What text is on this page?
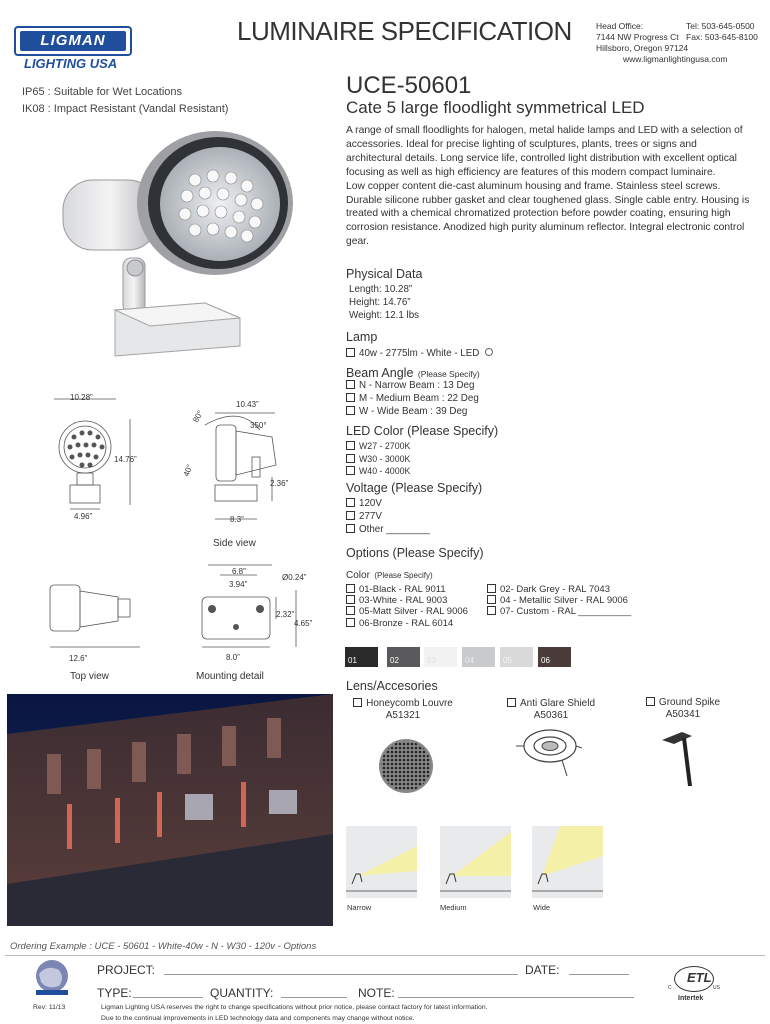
LIGMAN
LIGHTING USA
LUMINAIRE SPECIFICATION	Head Office:
7144 NW Progress Ct
Hillsboro, Oregon 97124
Tel: 503-645-0500
Fax: 503-645-8100
www.ligmanlightingusa.com
IP65 : Suitable for Wet Locations
IK08 : Impact Resistant (Vandal Resistant)
UCE-50601
Cate 5 large floodlight symmetrical LED
A range of small floodlights for halogen, metal halide lamps and LED with a selection of accessories. Ideal for precise lighting of sculptures, plants, trees or signs and architectural details. Long service life, controlled light distribution with excellent optical focusing as well as high efficiency are features of this modern compact luminaire.
Low copper content die-cast aluminum housing and frame. Stainless steel screws. Durable silicone rubber gasket and clear toughened glass. Single cable entry. Housing is treated with a chemical chromatized protection before powder coating, ensuring high corrosion resistance. Anodized high purity aluminum reflector. Integral electronic control gear.
Physical Data
Length: 10.28”
Height: 14.76”
Weight: 12.1 lbs
Lamp
40w - 2775lm - White - LED
Beam Angle (Please Specify)
N - Narrow Beam : 13 Deg
M - Medium Beam : 22 Deg
W - Wide Beam : 39 Deg
LED Color (Please Specify)
W27 - 2700K
W30 - 3000K
W40 - 4000K
Voltage (Please Specify)
120V
277V
Other ________
Options (Please Specify)
Color (Please Specify)
01-Black - RAL 9011
03-White - RAL 9003
05-Matt Silver - RAL 9006
06-Bronze - RAL 6014
02- Dark Grey - RAL 7043
04 - Metallic Silver - RAL 9006
07- Custom - RAL __________
01	02	03	04	05	06
Lens/Accesories
Honeycomb Louvre
A51321
Anti Glare Shield
A50361
Ground Spike
A50341
Narrow	Medium	Wide
10.28”
14.76”
4.96”
10.43”
80°
350°
40°
2.36”
8.3”
Side view
6.8”
3.94”
Ø0.24”
2.32”
4.65”
12.6”	8.0”
Top view	Mounting detail
Ordering Example : UCE - 50601 - White-40w - N - W30 - 120v - Options
Rev: 11/13
PROJECT:	DATE:
TYPE:	QUANTITY:	NOTE:
Ligman Lighting USA reserves the right to change specifications without prior notice, please contact factory for latest information.
Due to the continual improvements in LED technology data and components may change without notice.
ETL
C	US
Intertek
